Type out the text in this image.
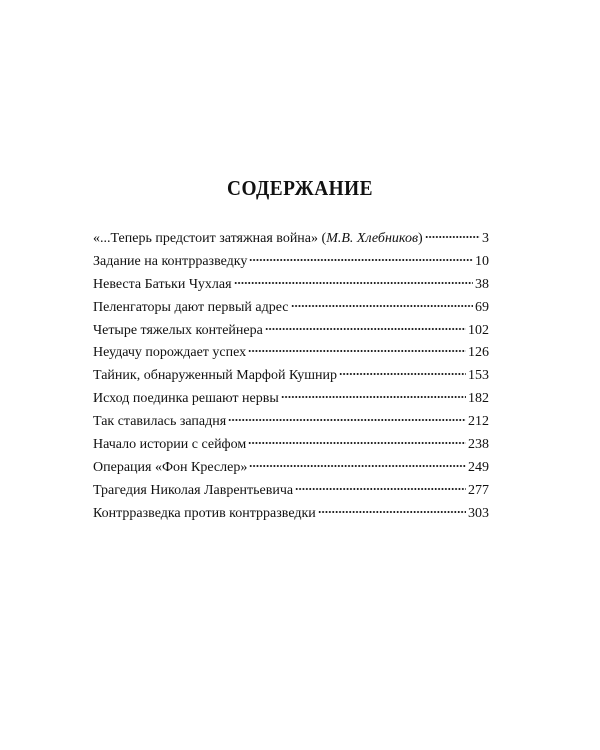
СОДЕРЖАНИЕ
«...Теперь предстоит затяжная война» (М.В. Хлебников)	3
Задание на контрразведку	10
Невеста Батьки Чухлая	38
Пеленгаторы дают первый адрес	69
Четыре тяжелых контейнера	102
Неудачу порождает успех	126
Тайник, обнаруженный Марфой Кушнир	153
Исход поединка решают нервы	182
Так ставилась западня	212
Начало истории с сейфом	238
Операция «Фон Креслер»	249
Трагедия Николая Лаврентьевича	277
Контрразведка против контрразведки	303
